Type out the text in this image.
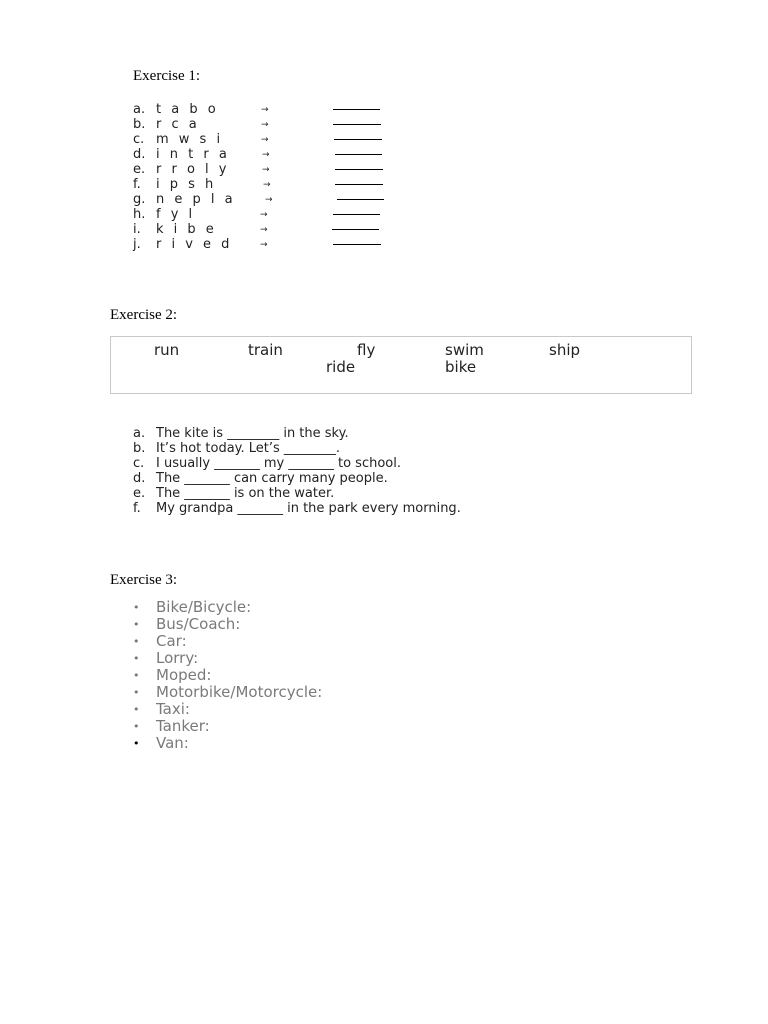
Exercise 1:
a. t a b o	→
b. r c a	→
c. m w s i	→
d. i n t r a	→
e. r r o l y	→
f. i p s h	→
g. n e p l a	→
h. f y l	→
i. k i b e	→
j. r i v e d	→
Exercise 2:
run	train	fly	swim	ship
ride	bike
a. The kite is ________ in the sky.
b. It’s hot today. Let’s ________.
c. I usually _______ my _______ to school.
d. The _______ can carry many people.
e. The _______ is on the water.
f. My grandpa _______ in the park every morning.
Exercise 3:
• Bike/Bicycle:
• Bus/Coach:
• Car:
• Lorry:
• Moped:
• Motorbike/Motorcycle:
• Taxi:
• Tanker:
• Van:
